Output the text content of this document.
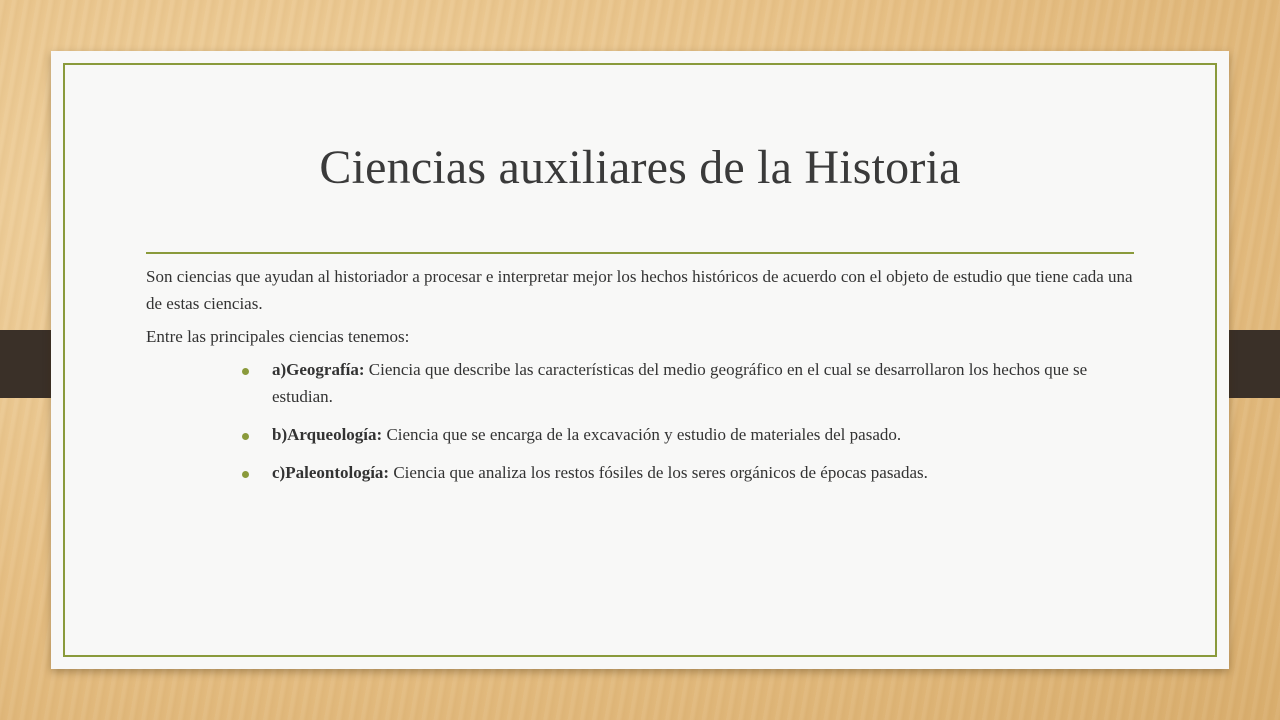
Ciencias auxiliares de la Historia

Son ciencias que ayudan al historiador a procesar e interpretar mejor los hechos históricos de acuerdo con el objeto de estudio que tiene cada una de estas ciencias.

Entre las principales ciencias tenemos:

a)Geografía: Ciencia que describe las características del medio geográfico en el cual se desarrollaron los hechos que se estudian.
b)Arqueología: Ciencia que se encarga de la excavación y estudio de materiales del pasado.
c)Paleontología: Ciencia que analiza los restos fósiles de los seres orgánicos de épocas pasadas.
